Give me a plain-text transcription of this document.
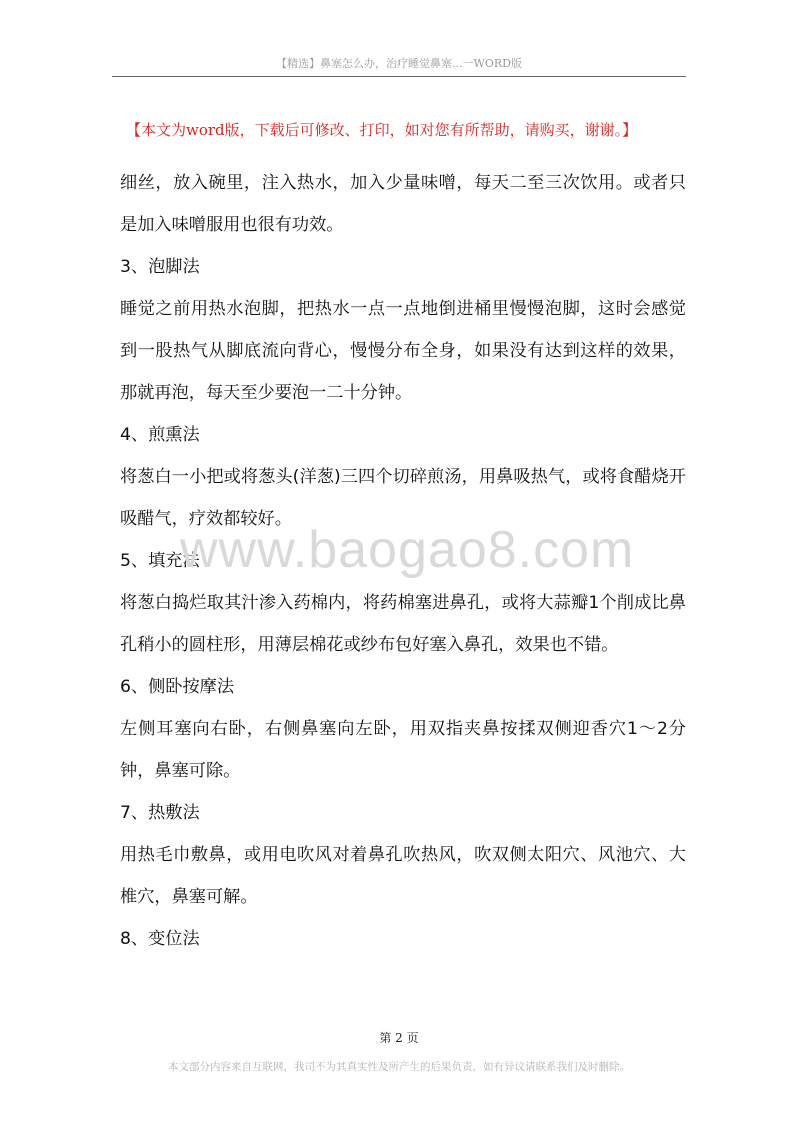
【精选】鼻塞怎么办，治疗睡觉鼻塞...一WORD版
【本文为word版，下载后可修改、打印，如对您有所帮助，请购买，谢谢。】

细丝，放入碗里，注入热水，加入少量味噌，每天二至三次饮用。或者只是加入味噌服用也很有功效。

3、泡脚法

睡觉之前用热水泡脚，把热水一点一点地倒进桶里慢慢泡脚，这时会感觉到一股热气从脚底流向背心，慢慢分布全身，如果没有达到这样的效果，那就再泡，每天至少要泡一二十分钟。

4、煎熏法

将葱白一小把或将葱头(洋葱)三四个切碎煎汤，用鼻吸热气，或将食醋烧开吸醋气，疗效都较好。

5、填充法

将葱白捣烂取其汁渗入药棉内，将药棉塞进鼻孔，或将大蒜瓣1个削成比鼻孔稍小的圆柱形，用薄层棉花或纱布包好塞入鼻孔，效果也不错。

6、侧卧按摩法

左侧耳塞向右卧，右侧鼻塞向左卧，用双指夹鼻按揉双侧迎香穴1～2分钟，鼻塞可除。

7、热敷法

用热毛巾敷鼻，或用电吹风对着鼻孔吹热风，吹双侧太阳穴、风池穴、大椎穴，鼻塞可解。

8、变位法

www.baogao8.com
第 2 页
本文部分内容来自互联网，我司不为其真实性及所产生的后果负责，如有异议请联系我们及时删除。
